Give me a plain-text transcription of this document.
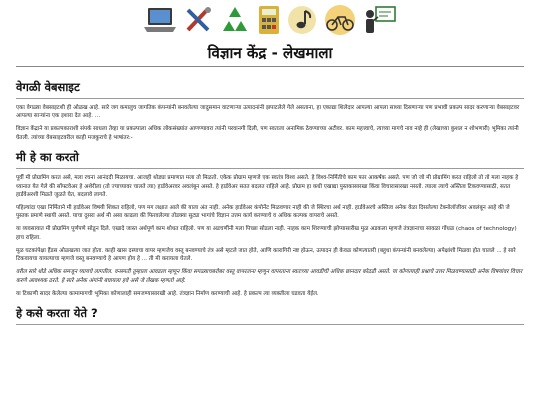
विज्ञान केंद्र - लेखमाला
वेगळी वेबसाइट

एका वेगळ्या वेबसाइटशी ही ओळख आहे. सारे जग कमालुच जागतिक कंपन्यांनी बनवलेल्या जादुसमान वाटणाऱ्या उत्पादनांनी झपाटलेले गेले असताना, हा एकाद्या शिलेदार आपल्या आपला साध्या दिसणाऱ्या पण प्रभावी प्रकल्प सादर करणाऱ्या वेबसाइटवर आपल्या साऱ्यांना एक इशारा देत आहे. ...

विज्ञान केंद्राने या प्रकल्पकाराशी संपर्क साधला तेव्हा या प्रकल्पाला अधिक लोकसंख्यांत आणण्यावरा त्यांनी परवानगी दिली, पण स्वतःला अनामिक ठेवण्याच्या अटीवर. काम महत्त्वाचे, त्याच्या मागचे नाव नव्हे ही (लेखाच्या कुशल न शोभणारी) भूमिका त्यांनी घेतली. त्यांच्या वेबसाइटवरील काही मजकुराचे हे भाषांतर:-

मी हे का करतो

पूर्वी मी प्रोग्रामिंग करत असे, मला रचना आनंददी मिळायचा. आजही थोड्या प्रमाणात मला तो मिळतो. एकेक प्रोग्राम म्हणजे एक स्वतंत्र विश्व असते. हे विश्व-निर्मितीचे काम फार आकर्षक असते. पण जो जो मी प्रोग्रामिंग करत राहिलो तो तो मला नाहक हे ध्यानात येत गेले की सॉफ्टवेअर हे अशेरीला (तो ज्याच्यावर चालते त्या) हार्डवेअरवर अवलंबून असते. हे हार्डवेअर सतत बदलत राहिले आहे. प्रोग्राम हा कधी एखाद्या पुस्तकासारखा किंवा विचारासारखा नसतो. त्याला त्याचे अस्तित्व टिकवण्यासाठी, सतत हार्डवेअरशी मिळते जुळते घेत, बदलावे लागते.

पहिल्यांदा एखा निर्मिताने मी हार्डवेअर विषयी शिकत राहिलो, पण मग लक्षात आले की याला अंत नाही. अनेक हार्डवेअर कंपोनेंट मिळवणार नाही की जे स्थिरचा अर्थ नाही. हार्डवेअरचे अस्तित्व अनेक वेळा दिसलेल्या टेक्नोलॉजीवर अवलंबून आहे की जे पुस्तक प्रमाणे स्थायी असते. याचा दुसरा अर्थ मी असा काढला की फिरवलेल्या तोडक्या सुट्या भागांचे विज्ञान उत्तम कार्य करण्याचे व अधिक कल्पक वापराचे असते.

या व्यवसायात मी प्रोग्रामिंग पूर्णपणे सोडून दिले. एखादे जास्त अर्थपूर्ण काम शोधत राहिलो. पण या अडचणींनी मला पिच्छा सोडला नाही. नाहक काम शिरण्याची झोप्यासारीख मुळ अडकला म्हणजे तंत्रज्ञानाचा सावळा गोंधळ (chaos of technology) हाच राहिला.

मूळ घटकांपेक्षा हैंडस ओळखत्या जात होता. काही खास दस्याचा वापर म्हणजेच वस्तू बनवण्याचे तंत्र असे म्हटले जात होते, आणि कारागिरी नष्ट होऊन, उत्पादन ही केवळ कोणत्यातरी (बहुधा कंपन्यांनी बनवलेल्या) अपेक्षांशी मिळवा होत चालले ... हे सारे टिकवायचा यायल्याचा म्हणजे वस्तू बनवण्याचे हे आपण होय हे ... ती मी करायला घेतले.

वरील सारे थोडे अधिक समजून घ्यायचे लागतील. वनस्पती तुम्हाला आवडला म्हणून किंवा सगळ्याचबरोबर वस्तू वापरताना म्हणून वापरताना स्वतःच्या आवडीची अधिक छानदार कोठडी असते. या कोणत्याही प्रश्नाचे उत्तर मिळवण्यासाठी अनेक विषयांवर विचार करणे आवश्यक ठरते. हे सारे अनेक अंगांनी बघायला हवे असे जे लेखक म्हणतो आहे.

या टिकाणी सादर केलेल्या कामामागची भूमिका कोणालाही समजण्यासारखी आहे. तंत्रज्ञान निर्माण करण्याची आहे. हे प्रकल्प त्या व्यक्तीला घडवता येईल.

हे कसे करता येते ?
